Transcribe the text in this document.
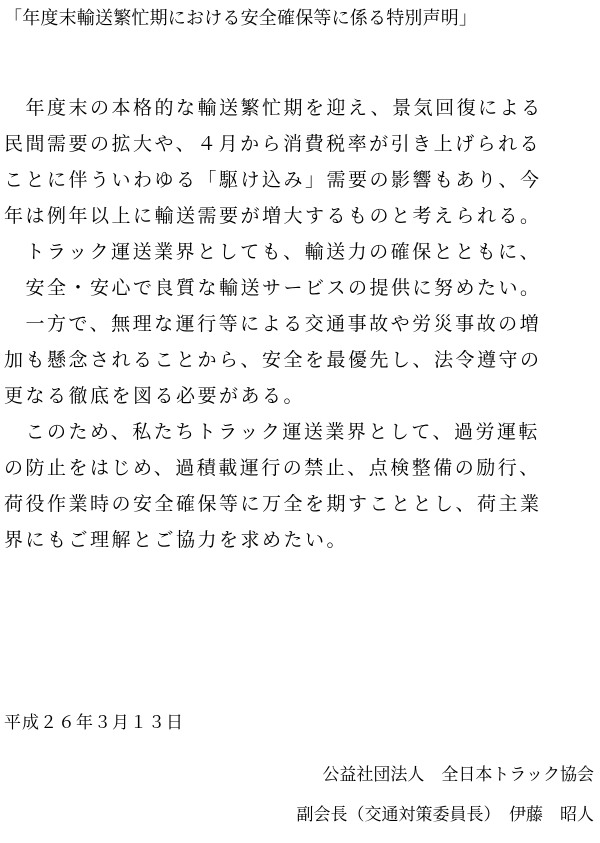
「年度末輸送繁忙期における安全確保等に係る特別声明」
　年度末の本格的な輸送繁忙期を迎え、景気回復による
民間需要の拡大や、４月から消費税率が引き上げられる
ことに伴ういわゆる「駆け込み」需要の影響もあり、今
年は例年以上に輸送需要が増大するものと考えられる。
　トラック運送業界としても、輸送力の確保とともに、
　安全・安心で良質な輸送サービスの提供に努めたい。
　一方で、無理な運行等による交通事故や労災事故の増
加も懸念されることから、安全を最優先し、法令遵守の
更なる徹底を図る必要がある。
　このため、私たちトラック運送業界として、過労運転
の防止をはじめ、過積載運行の禁止、点検整備の励行、
荷役作業時の安全確保等に万全を期すこととし、荷主業
界にもご理解とご協力を求めたい。
平成２６年３月１３日
公益社団法人　全日本トラック協会
副会長（交通対策委員長）　伊藤　昭人
